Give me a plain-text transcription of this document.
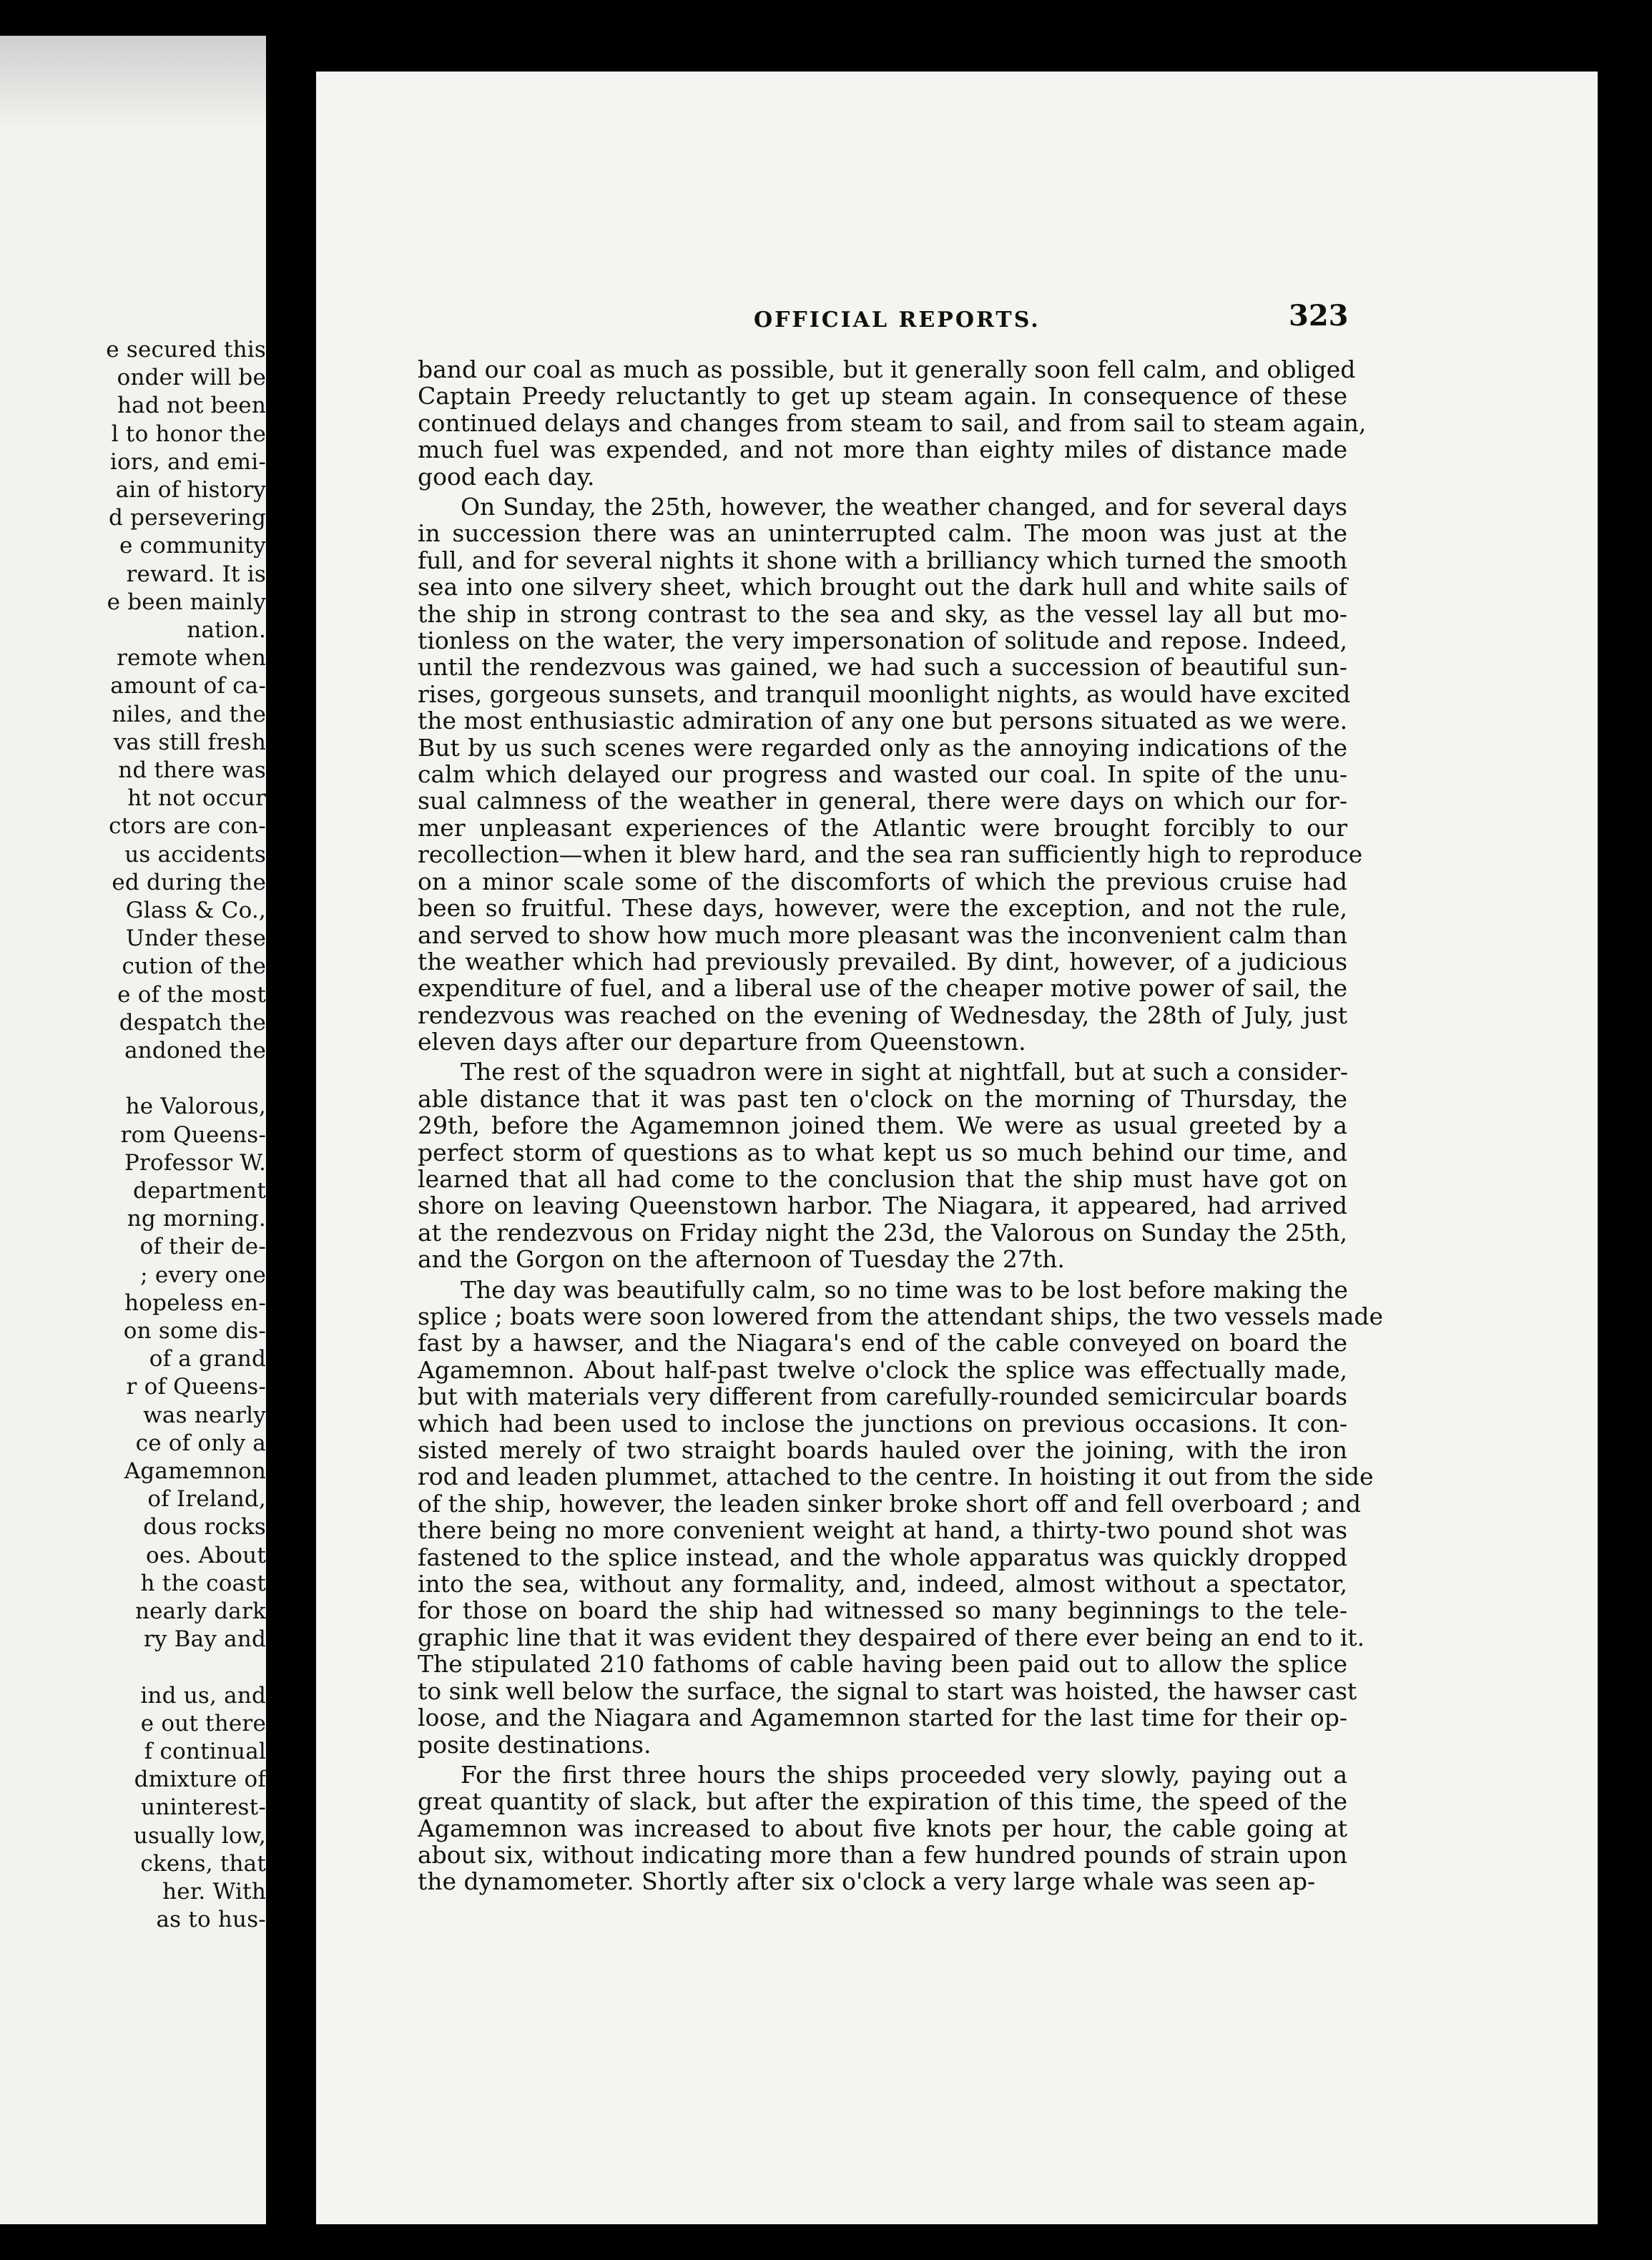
e secured this
onder will be
had not been
l to honor the
iors, and emi-
ain of history
d persevering
e community
reward. It is
e been mainly
nation.
remote when
amount of ca-
niles, and the
vas still fresh
nd there was
ht not occur
ctors are con-
us accidents
ed during the
Glass & Co.,
Under these
cution of the
e of the most
despatch the
andoned the
he Valorous,
rom Queens-
Professor W.
department
ng morning.
of their de-
; every one
hopeless en-
on some dis-
of a grand
r of Queens-
was nearly
ce of only a
Agamemnon
of Ireland,
dous rocks
oes. About
h the coast
nearly dark
ry Bay and
ind us, and
e out there
f continual
dmixture of
uninterest-
usually low,
ckens, that
her. With
as to hus-
OFFICIAL REPORTS.	323
band our coal as much as possible, but it generally soon fell calm, and obliged
Captain Preedy reluctantly to get up steam again. In consequence of these
continued delays and changes from steam to sail, and from sail to steam again,
much fuel was expended, and not more than eighty miles of distance made
good each day.
On Sunday, the 25th, however, the weather changed, and for several days
in succession there was an uninterrupted calm. The moon was just at the
full, and for several nights it shone with a brilliancy which turned the smooth
sea into one silvery sheet, which brought out the dark hull and white sails of
the ship in strong contrast to the sea and sky, as the vessel lay all but mo-
tionless on the water, the very impersonation of solitude and repose. Indeed,
until the rendezvous was gained, we had such a succession of beautiful sun-
rises, gorgeous sunsets, and tranquil moonlight nights, as would have excited
the most enthusiastic admiration of any one but persons situated as we were.
But by us such scenes were regarded only as the annoying indications of the
calm which delayed our progress and wasted our coal. In spite of the unu-
sual calmness of the weather in general, there were days on which our for-
mer unpleasant experiences of the Atlantic were brought forcibly to our
recollection—when it blew hard, and the sea ran sufficiently high to reproduce
on a minor scale some of the discomforts of which the previous cruise had
been so fruitful. These days, however, were the exception, and not the rule,
and served to show how much more pleasant was the inconvenient calm than
the weather which had previously prevailed. By dint, however, of a judicious
expenditure of fuel, and a liberal use of the cheaper motive power of sail, the
rendezvous was reached on the evening of Wednesday, the 28th of July, just
eleven days after our departure from Queenstown.
The rest of the squadron were in sight at nightfall, but at such a consider-
able distance that it was past ten o'clock on the morning of Thursday, the
29th, before the Agamemnon joined them. We were as usual greeted by a
perfect storm of questions as to what kept us so much behind our time, and
learned that all had come to the conclusion that the ship must have got on
shore on leaving Queenstown harbor. The Niagara, it appeared, had arrived
at the rendezvous on Friday night the 23d, the Valorous on Sunday the 25th,
and the Gorgon on the afternoon of Tuesday the 27th.
The day was beautifully calm, so no time was to be lost before making the
splice ; boats were soon lowered from the attendant ships, the two vessels made
fast by a hawser, and the Niagara's end of the cable conveyed on board the
Agamemnon. About half-past twelve o'clock the splice was effectually made,
but with materials very different from carefully-rounded semicircular boards
which had been used to inclose the junctions on previous occasions. It con-
sisted merely of two straight boards hauled over the joining, with the iron
rod and leaden plummet, attached to the centre. In hoisting it out from the side
of the ship, however, the leaden sinker broke short off and fell overboard ; and
there being no more convenient weight at hand, a thirty-two pound shot was
fastened to the splice instead, and the whole apparatus was quickly dropped
into the sea, without any formality, and, indeed, almost without a spectator,
for those on board the ship had witnessed so many beginnings to the tele-
graphic line that it was evident they despaired of there ever being an end to it.
The stipulated 210 fathoms of cable having been paid out to allow the splice
to sink well below the surface, the signal to start was hoisted, the hawser cast
loose, and the Niagara and Agamemnon started for the last time for their op-
posite destinations.
For the first three hours the ships proceeded very slowly, paying out a
great quantity of slack, but after the expiration of this time, the speed of the
Agamemnon was increased to about five knots per hour, the cable going at
about six, without indicating more than a few hundred pounds of strain upon
the dynamometer. Shortly after six o'clock a very large whale was seen ap-
